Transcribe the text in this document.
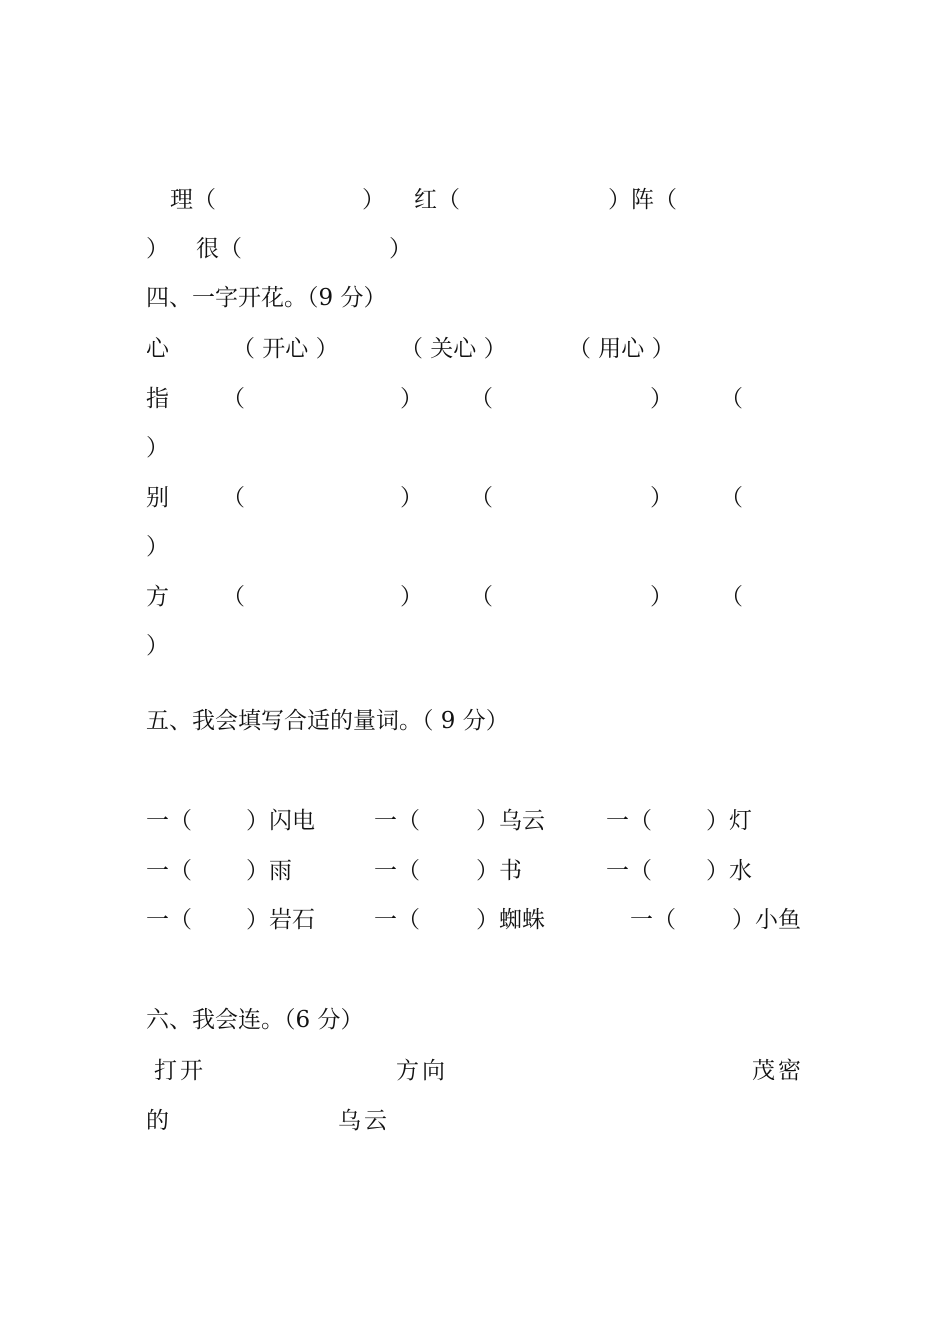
理（	） 红（	）阵（
） 很（	）
四、一字开花。（9 分）
心	（ 开心 ）	（ 关心 ）	（ 用心 ）
指 （	） （	） （
）
别 （	） （	） （
）
方 （	） （	） （
）
五、我会填写合适的量词。（ 9 分）
一（ ）闪电	一（ ）乌云	一（ ）灯
一（ ）雨	一（ ）书	一（ ）水
一（ ）岩石	一（ ）蜘蛛	一（ ）小鱼
六、我会连。（6 分）
打开	方向	茂密
的	乌云
